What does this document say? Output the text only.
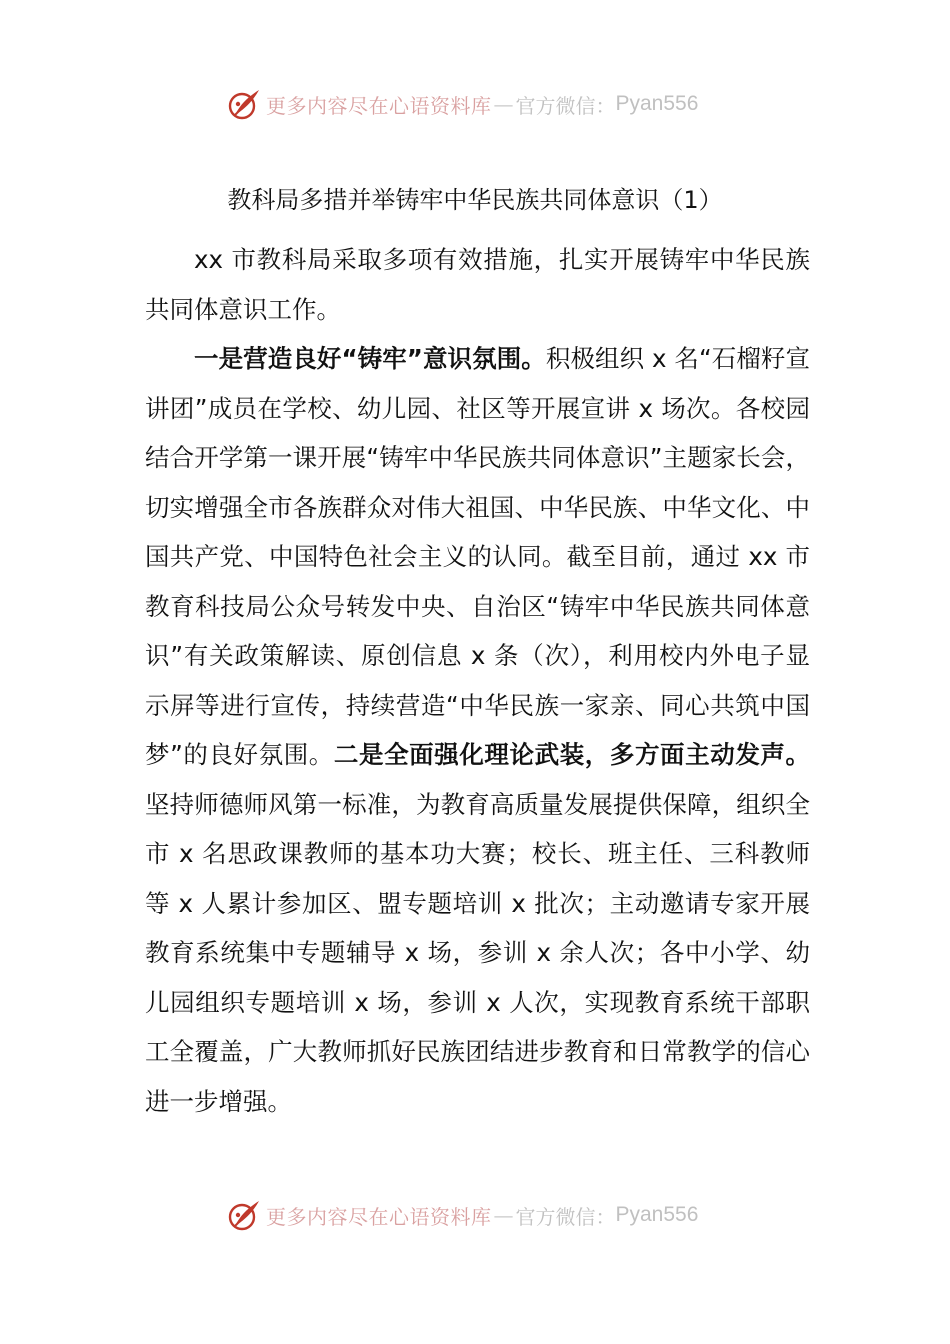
更多内容尽在心语资料库 — 官方微信： Pyan556
教科局多措并举铸牢中华民族共同体意识（1）

xx 市教科局采取多项有效措施，扎实开展铸牢中华民族共同体意识工作。

一是营造良好“铸牢”意识氛围。积极组织 x 名“石榴籽宣讲团”成员在学校、幼儿园、社区等开展宣讲 x 场次。各校园结合开学第一课开展“铸牢中华民族共同体意识”主题家长会，切实增强全市各族群众对伟大祖国、中华民族、中华文化、中国共产党、中国特色社会主义的认同。截至目前，通过 xx 市教育科技局公众号转发中央、自治区“铸牢中华民族共同体意识”有关政策解读、原创信息 x 条（次），利用校内外电子显示屏等进行宣传，持续营造“中华民族一家亲、同心共筑中国梦”的良好氛围。二是全面强化理论武装，多方面主动发声。坚持师德师风第一标准，为教育高质量发展提供保障，组织全市 x 名思政课教师的基本功大赛；校长、班主任、三科教师等 x 人累计参加区、盟专题培训 x 批次；主动邀请专家开展教育系统集中专题辅导 x 场，参训 x 余人次；各中小学、幼儿园组织专题培训 x 场，参训 x 人次，实现教育系统干部职工全覆盖，广大教师抓好民族团结进步教育和日常教学的信心进一步增强。

更多内容尽在心语资料库 — 官方微信： Pyan556
